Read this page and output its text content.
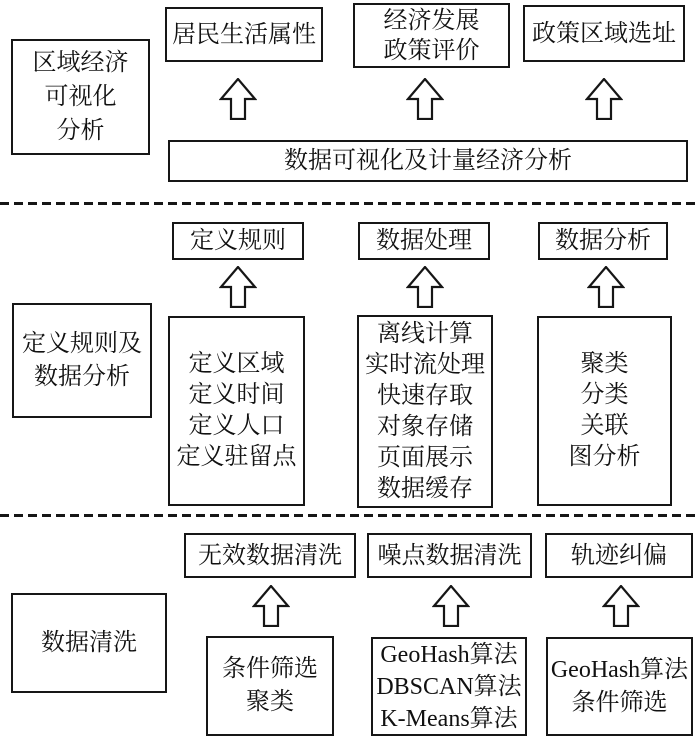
区域经济
可视化
分析
居民生活属性
经济发展
政策评价
政策区域选址
数据可视化及计量经济分析
定义规则及
数据分析
定义规则	数据处理	数据分析
定义区域
定义时间
定义人口
定义驻留点
离线计算
实时流处理
快速存取
对象存储
页面展示
数据缓存
聚类
分类
关联
图分析
数据清洗
无效数据清洗 噪点数据清洗 轨迹纠偏
条件筛选
聚类
GeoHash算法
DBSCAN算法
K-Means算法
GeoHash算法
条件筛选
